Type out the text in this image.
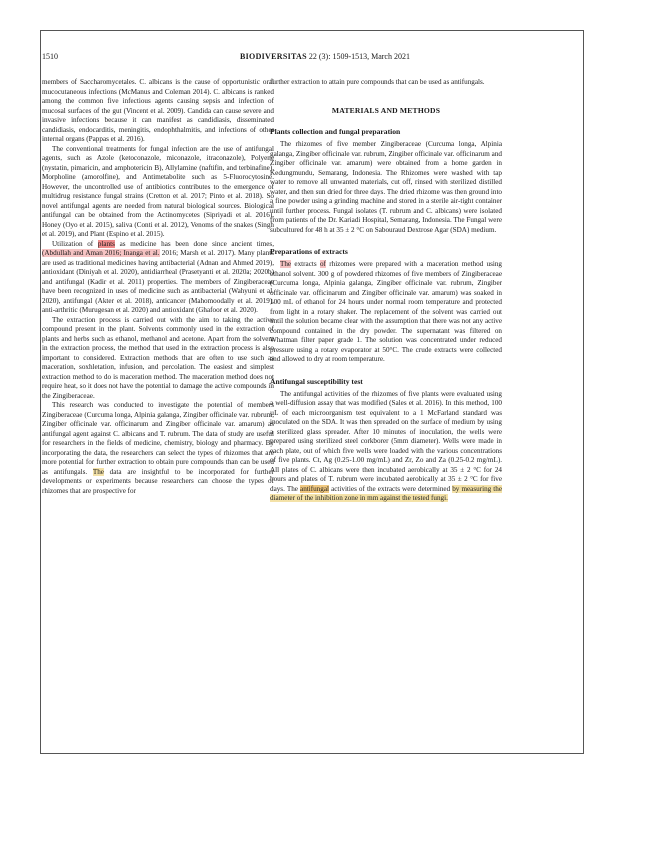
1510	BIODIVERSITAS 22 (3): 1509-1513, March 2021

members of Saccharomycetales. C. albicans is the cause of opportunistic oral mucocutaneous infections (McManus and Coleman 2014). C. albicans is ranked among the common five infectious agents causing sepsis and infection of mucosal surfaces of the gut (Vincent et al. 2009). Candida can cause severe and invasive infections because it can manifest as candidiasis, disseminated candidiasis, endocarditis, meningitis, endophthalmitis, and infections of other internal organs (Pappas et al. 2016).

The conventional treatments for fungal infection are the use of antifungal agents, such as Azole (ketoconazole, miconazole, itraconazole), Polyene (nystatin, pimaricin, and amphotericin B), Allylamine (naftifin, and terbinafine), Morpholine (amorolfine), and Antimetabolite such as 5-Fluorocytosine. However, the uncontrolled use of antibiotics contributes to the emergence of multidrug resistance fungal strains (Cretton et al. 2017; Pinto et al. 2018). So novel antifungal agents are needed from natural biological sources. Biological antifungal can be obtained from the Actinomycetes (Sipriyadi et al. 2016), Honey (Oyo et al. 2015), saliva (Conti et al. 2012), Venoms of the snakes (Singh et al. 2019), and Plant (Espino et al. 2015).

Utilization of plants as medicine has been done since ancient times, (Abdullah and Aman 2016; Inanga et al. 2016; Marsh et al. 2017). Many plants are used as traditional medicines having antibacterial (Adnan and Ahmed 2019), antioxidant (Diniyah et al. 2020), antidiarrheal (Prasetyanti et al. 2020a; 2020b) and antifungal (Kadir et al. 2011) properties. The members of Zingiberaceae have been recognized in uses of medicine such as antibacterial (Wahyuni et al. 2020), antifungal (Akter et al. 2018), anticancer (Mahomoodally et al. 2019), anti-arthritic (Murugesan et al. 2020) and antioxidant (Ghafoor et al. 2020).

The extraction process is carried out with the aim to taking the active compound present in the plant. Solvents commonly used in the extraction of plants and herbs such as ethanol, methanol and acetone. Apart from the solvent in the extraction process, the method that used in the extraction process is also important to considered. Extraction methods that are often to use such as maceration, soxhletation, infusion, and percolation. The easiest and simplest extraction method to do is maceration method. The maceration method does not require heat, so it does not have the potential to damage the active compounds in the Zingiberaceae.

This research was conducted to investigate the potential of members Zingiberaceae (Curcuma longa, Alpinia galanga, Zingiber officinale var. rubrum, Zingiber officinale var. officinarum and Zingiber officinale var. amarum) as antifungal agent against C. albicans and T. rubrum. The data of study are useful for researchers in the fields of medicine, chemistry, biology and pharmacy. By incorporating the data, the researchers can select the types of rhizomes that are more potential for further extraction to obtain pure compounds than can be used as antifungals. The data are insightful to be incorporated for further developments or experiments because researchers can choose the types of rhizomes that are prospective for

further extraction to attain pure compounds that can be used as antifungals.

MATERIALS AND METHODS
Plants collection and fungal preparation

The rhizomes of five member Zingiberaceae (Curcuma longa, Alpinia galanga, Zingiber officinale var. rubrum, Zingiber officinale var. officinarum and Zingiber officinale var. amarum) were obtained from a home garden in Kedungmundu, Semarang, Indonesia. The Rhizomes were washed with tap water to remove all unwanted materials, cut off, rinsed with sterilized distilled water, and then sun dried for three days. The dried rhizome was then ground into a fine powder using a grinding machine and stored in a sterile air-tight container until further process. Fungal isolates (T. rubrum and C. albicans) were isolated from patients of the Dr. Kariadi Hospital, Semarang, Indonesia. The Fungal were subcultured for 48 h at 35 ± 2 °C on Sabouraud Dextrose Agar (SDA) medium.

Preparations of extracts

The extracts of rhizomes were prepared with a maceration method using ethanol solvent. 300 g of powdered rhizomes of five members of Zingiberaceae (Curcuma longa, Alpinia galanga, Zingiber officinale var. rubrum, Zingiber officinale var. officinarum and Zingiber officinale var. amarum) was soaked in 100 mL of ethanol for 24 hours under normal room temperature and protected from light in a rotary shaker. The replacement of the solvent was carried out until the solution became clear with the assumption that there was not any active compound contained in the dry powder. The supernatant was filtered on Whatman filter paper grade 1. The solution was concentrated under reduced pressure using a rotary evaporator at 50°C. The crude extracts were collected and allowed to dry at room temperature.

Antifungal susceptibility test

The antifungal activities of the rhizomes of five plants were evaluated using a well-diffusion assay that was modified (Sales et al. 2016). In this method, 100 µL of each microorganism test equivalent to a 1 McFarland standard was inoculated on the SDA. It was then spreaded on the surface of medium by using a sterilized glass spreader. After 10 minutes of inoculation, the wells were prepared using sterilized steel corkborer (5mm diameter). Wells were made in each plate, out of which five wells were loaded with the various concentrations of five plants. Ct, Ag (0.25-1.00 mg/mL) and Zr, Zo and Za (0.25-0.2 mg/mL). All plates of C. albicans were then incubated aerobically at 35 ± 2 °C for 24 hours and plates of T. rubrum were incubated aerobically at 35 ± 2 °C for five days. The antifungal activities of the extracts were determined by measuring the diameter of the inhibition zone in mm against the tested fungi.
